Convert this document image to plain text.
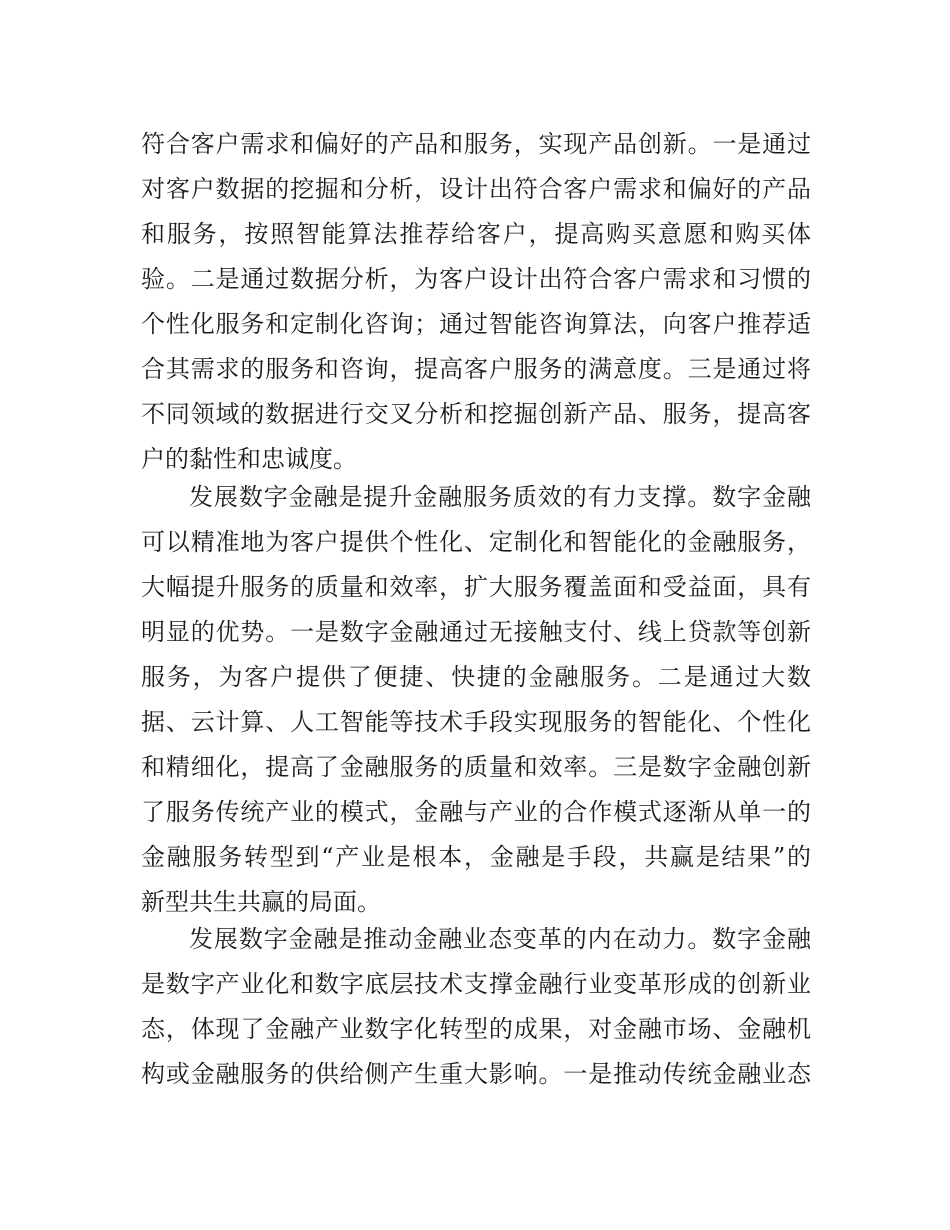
符合客户需求和偏好的产品和服务，实现产品创新。一是通过
对客户数据的挖掘和分析，设计出符合客户需求和偏好的产品
和服务，按照智能算法推荐给客户，提高购买意愿和购买体
验。二是通过数据分析，为客户设计出符合客户需求和习惯的
个性化服务和定制化咨询；通过智能咨询算法，向客户推荐适
合其需求的服务和咨询，提高客户服务的满意度。三是通过将
不同领域的数据进行交叉分析和挖掘创新产品、服务，提高客
户的黏性和忠诚度。
发展数字金融是提升金融服务质效的有力支撑。数字金融
可以精准地为客户提供个性化、定制化和智能化的金融服务，
大幅提升服务的质量和效率，扩大服务覆盖面和受益面，具有
明显的优势。一是数字金融通过无接触支付、线上贷款等创新
服务，为客户提供了便捷、快捷的金融服务。二是通过大数
据、云计算、人工智能等技术手段实现服务的智能化、个性化
和精细化，提高了金融服务的质量和效率。三是数字金融创新
了服务传统产业的模式，金融与产业的合作模式逐渐从单一的
金融服务转型到“产业是根本，金融是手段，共赢是结果”的
新型共生共赢的局面。
发展数字金融是推动金融业态变革的内在动力。数字金融
是数字产业化和数字底层技术支撑金融行业变革形成的创新业
态，体现了金融产业数字化转型的成果，对金融市场、金融机
构或金融服务的供给侧产生重大影响。一是推动传统金融业态
